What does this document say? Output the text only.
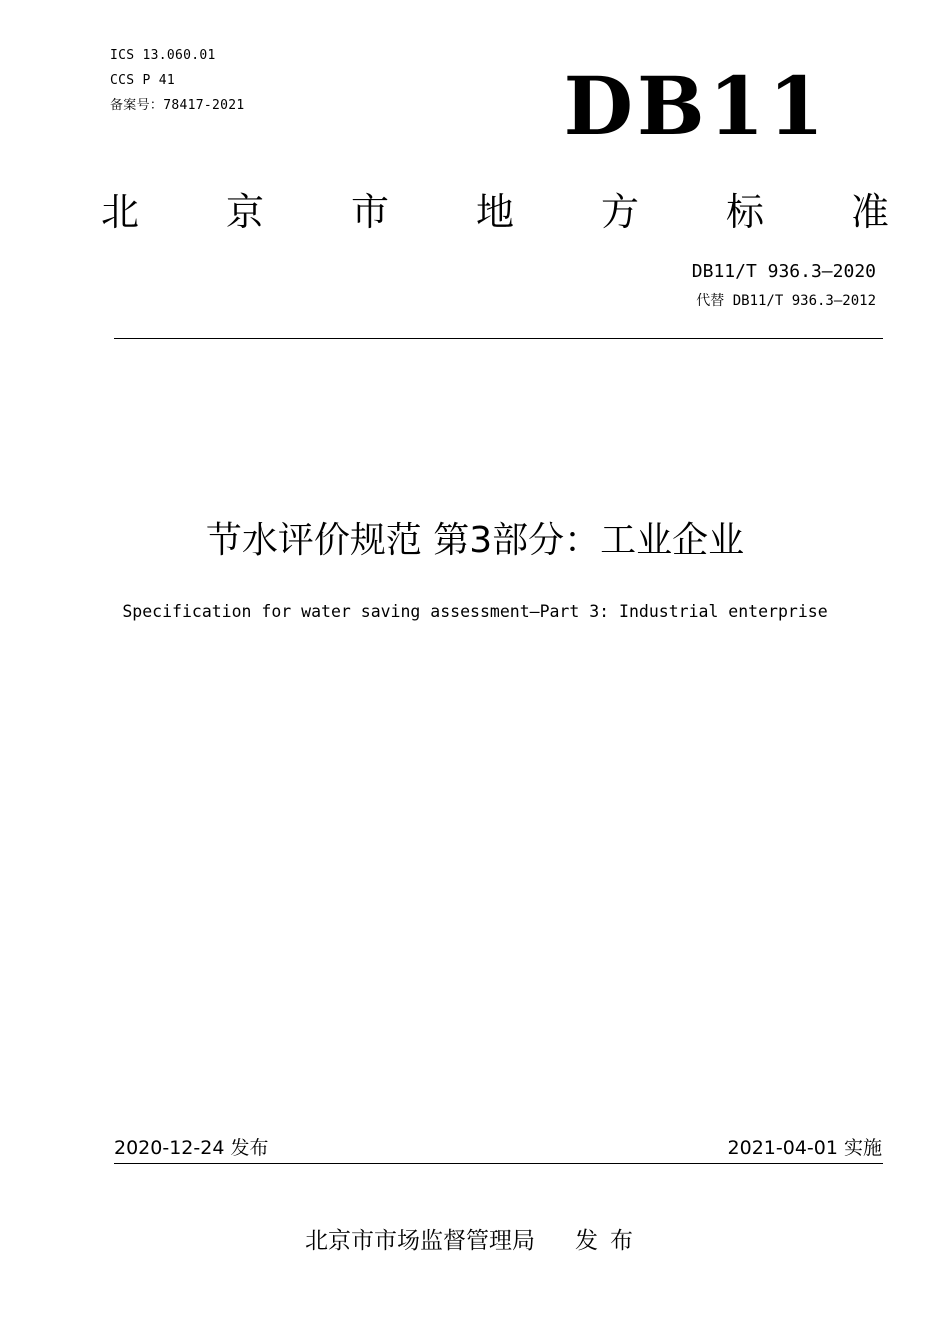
ICS 13.060.01
CCS P 41
备案号：78417-2021	DB11
北 京 市 地 方 标 准
DB11/T 936.3—2020
代替 DB11/T 936.3—2012
节水评价规范 第3部分：工业企业
Specification for water saving assessment—Part 3: Industrial enterprise
2020-12-24 发布	2021-04-01 实施
北京市市场监督管理局 发布
